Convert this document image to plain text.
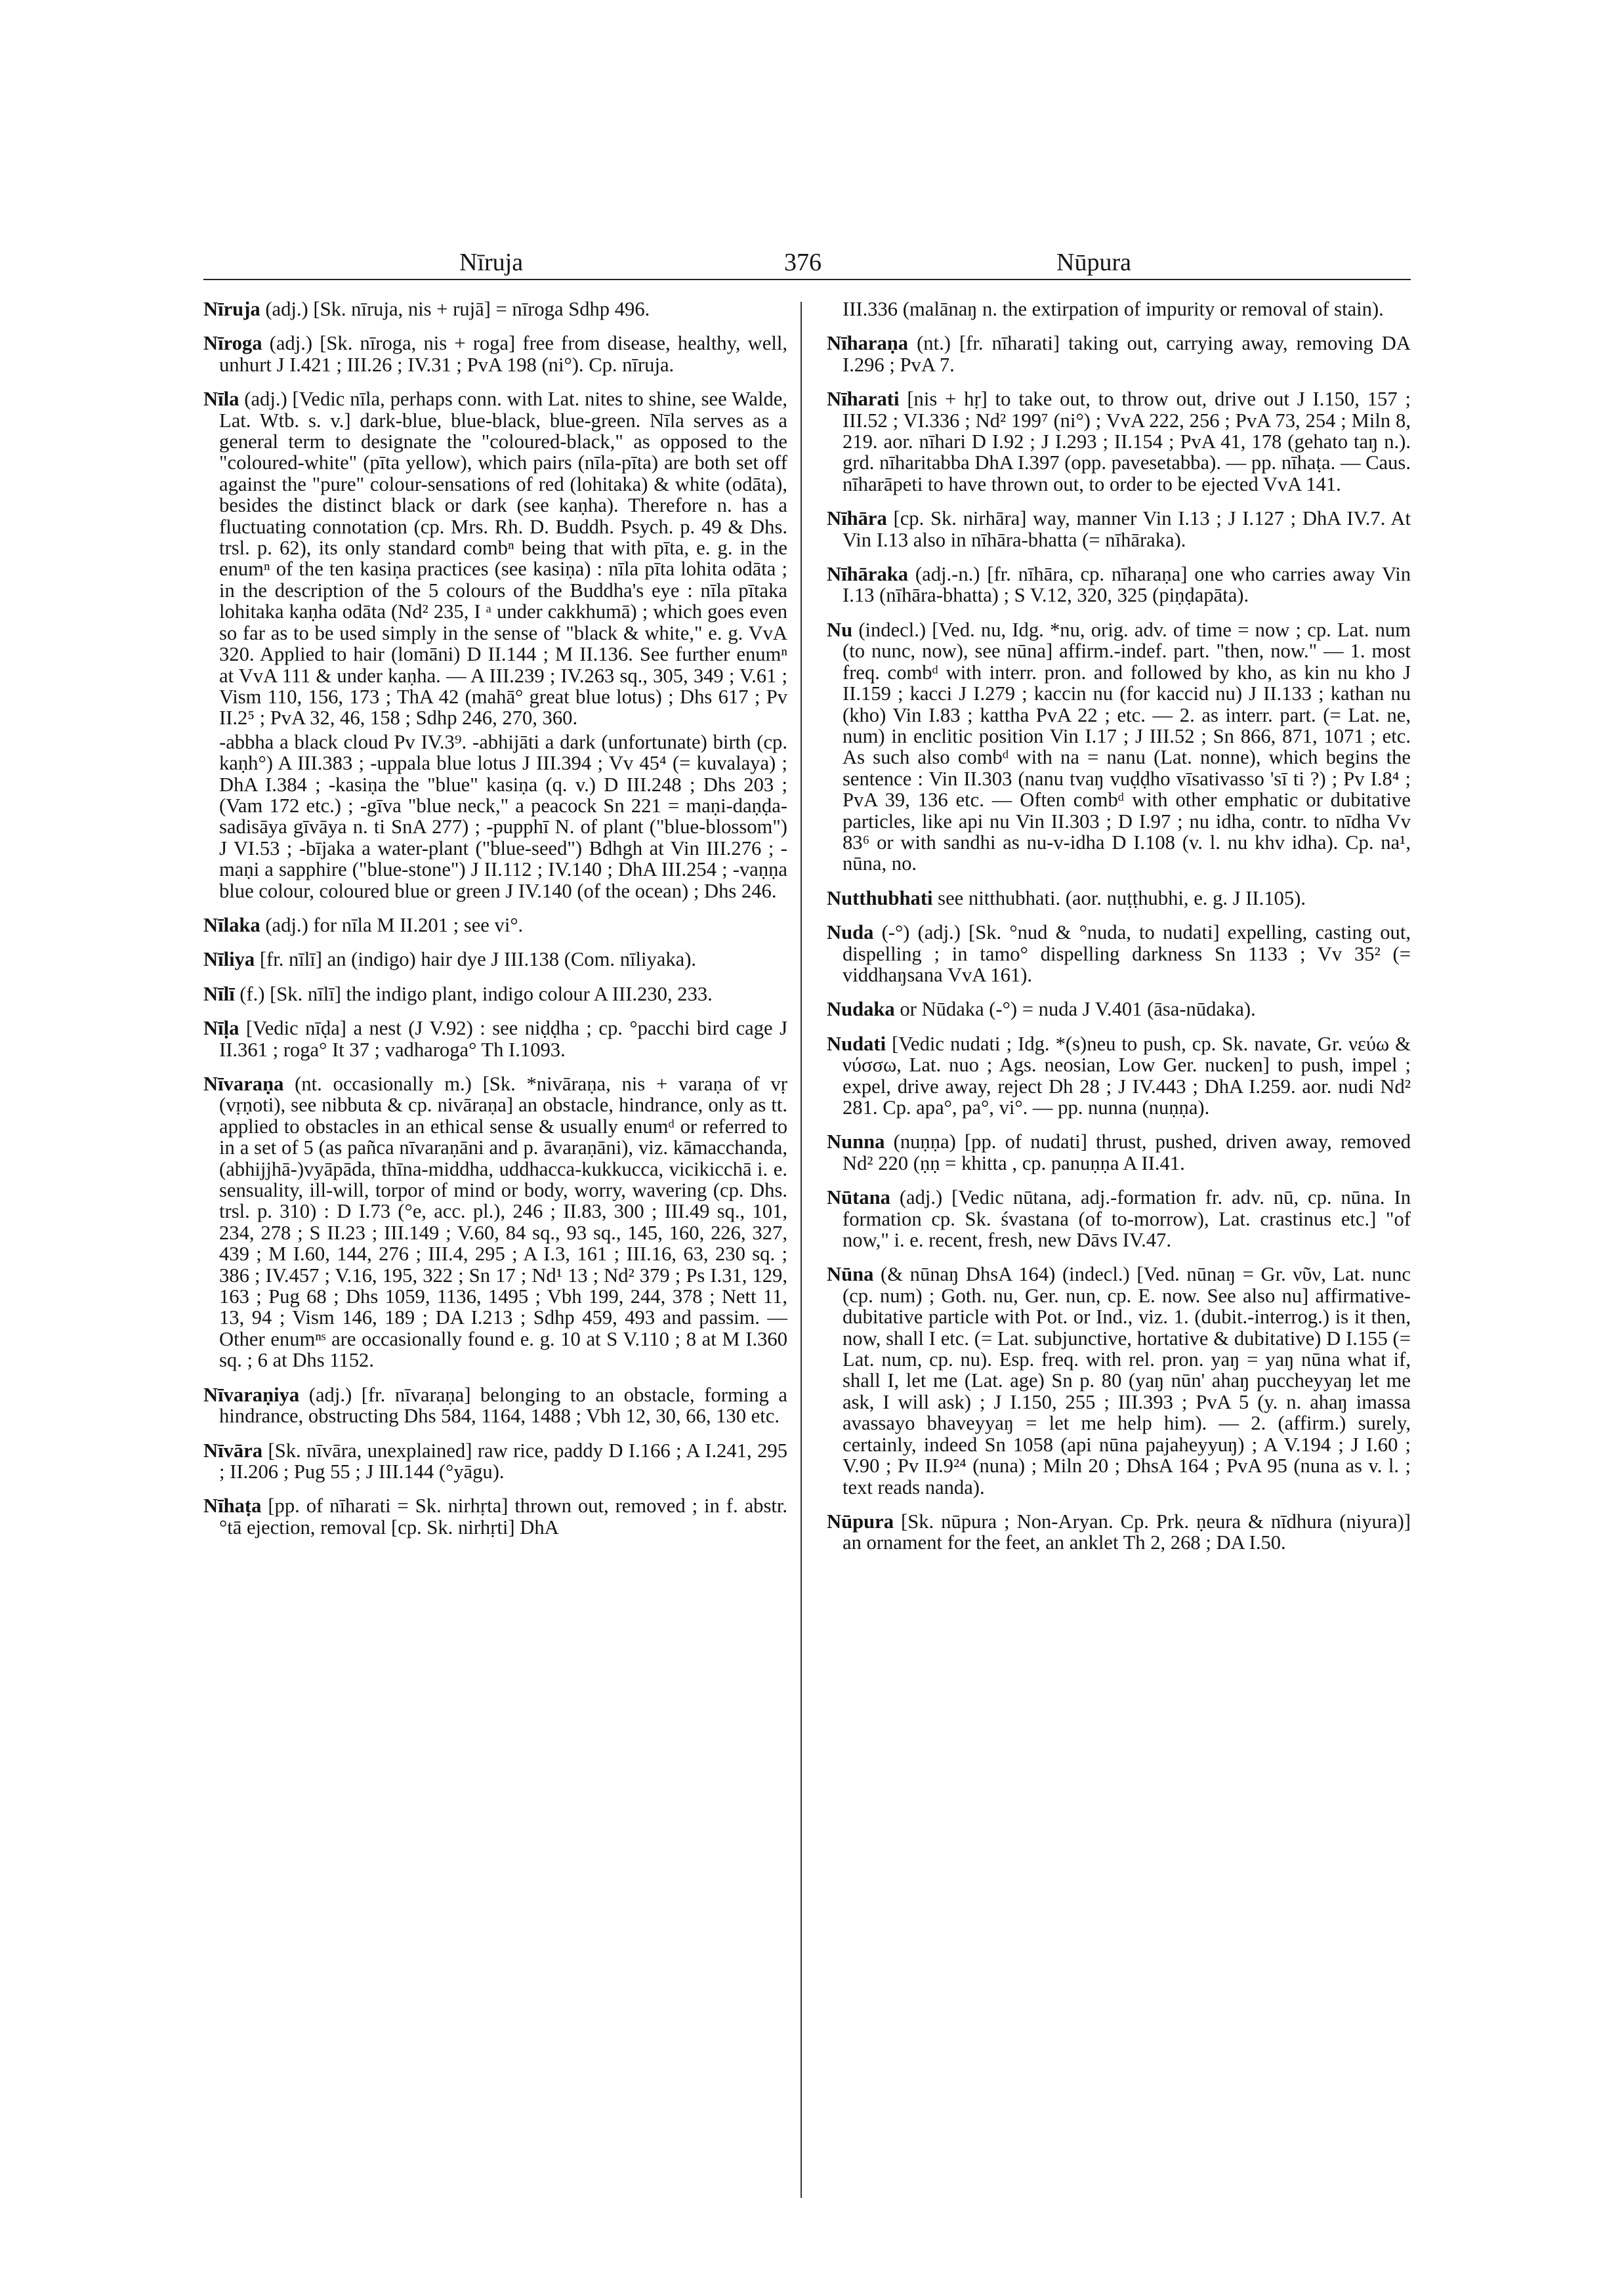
Nīruja	376	Nūpura

Nīruja (adj.) [Sk. nīruja, nis + rujā] = nīroga Sdhp 496.

Nīroga (adj.) [Sk. nīroga, nis + roga] free from disease, healthy, well, unhurt J I.421 ; III.26 ; IV.31 ; PvA 198 (ni°). Cp. nīruja.

Nīla (adj.) [Vedic nīla, perhaps conn. with Lat. nites to shine, see Walde, Lat. Wtb. s. v.] dark-blue, blue-black, blue-green. Nīla serves as a general term to designate the "coloured-black," as opposed to the "coloured-white" (pīta yellow), which pairs (nīla-pīta) are both set off against the "pure" colour-sensations of red (lohitaka) & white (odāta), besides the distinct black or dark (see kaṇha). Therefore n. has a fluctuating connotation (cp. Mrs. Rh. D. Buddh. Psych. p. 49 & Dhs. trsl. p. 62), its only standard combⁿ being that with pīta, e. g. in the enumⁿ of the ten kasiṇa practices (see kasiṇa) : nīla pīta lohita odāta ; in the description of the 5 colours of the Buddha's eye : nīla pītaka lohitaka kaṇha odāta (Nd² 235, I ᵃ under cakkhumā) ; which goes even so far as to be used simply in the sense of "black & white," e. g. VvA 320. Applied to hair (lomāni) D II.144 ; M II.136. See further enumⁿ at VvA 111 & under kaṇha. — A III.239 ; IV.263 sq., 305, 349 ; V.61 ; Vism 110, 156, 173 ; ThA 42 (mahā° great blue lotus) ; Dhs 617 ; Pv II.2⁵ ; PvA 32, 46, 158 ; Sdhp 246, 270, 360.

-abbha a black cloud Pv IV.3⁹. -abhijāti a dark (unfortunate) birth (cp. kaṇh°) A III.383 ; -uppala blue lotus J III.394 ; Vv 45⁴ (= kuvalaya) ; DhA I.384 ; -kasiṇa the "blue" kasiṇa (q. v.) D III.248 ; Dhs 203 ; (Vam 172 etc.) ; -gīva "blue neck," a peacock Sn 221 = maṇi-daṇḍa-sadisāya gīvāya n. ti SnA 277) ; -pupphī N. of plant ("blue-blossom") J VI.53 ; -bījaka a water-plant ("blue-seed") Bdhgh at Vin III.276 ; -maṇi a sapphire ("blue-stone") J II.112 ; IV.140 ; DhA III.254 ; -vaṇṇa blue colour, coloured blue or green J IV.140 (of the ocean) ; Dhs 246.

Nīlaka (adj.) for nīla M II.201 ; see vi°.

Nīliya [fr. nīlī] an (indigo) hair dye J III.138 (Com. nīliyaka).

Nīlī (f.) [Sk. nīlī] the indigo plant, indigo colour A III.230, 233.

Nīḷa [Vedic nīḍa] a nest (J V.92) : see niḍḍha ; cp. °pacchi bird cage J II.361 ; roga° It 37 ; vadharoga° Th I.1093.

Nīvaraṇa (nt. occasionally m.) [Sk. *nivāraṇa, nis + varaṇa of vṛ (vṛṇoti), see nibbuta & cp. nivāraṇa] an obstacle, hindrance, only as tt. applied to obstacles in an ethical sense & usually enumᵈ or referred to in a set of 5 (as pañca nīvaraṇāni and p. āvaraṇāni), viz. kāmacchanda, (abhijjhā-)vyāpāda, thīna-middha, uddhacca-kukkucca, vicikicchā i. e. sensuality, ill-will, torpor of mind or body, worry, wavering (cp. Dhs. trsl. p. 310) : D I.73 (°e, acc. pl.), 246 ; II.83, 300 ; III.49 sq., 101, 234, 278 ; S II.23 ; III.149 ; V.60, 84 sq., 93 sq., 145, 160, 226, 327, 439 ; M I.60, 144, 276 ; III.4, 295 ; A I.3, 161 ; III.16, 63, 230 sq. ; 386 ; IV.457 ; V.16, 195, 322 ; Sn 17 ; Nd¹ 13 ; Nd² 379 ; Ps I.31, 129, 163 ; Pug 68 ; Dhs 1059, 1136, 1495 ; Vbh 199, 244, 378 ; Nett 11, 13, 94 ; Vism 146, 189 ; DA I.213 ; Sdhp 459, 493 and passim. — Other enumⁿˢ are occasionally found e. g. 10 at S V.110 ; 8 at M I.360 sq. ; 6 at Dhs 1152.

Nīvaraṇiya (adj.) [fr. nīvaraṇa] belonging to an obstacle, forming a hindrance, obstructing Dhs 584, 1164, 1488 ; Vbh 12, 30, 66, 130 etc.

Nīvāra [Sk. nīvāra, unexplained] raw rice, paddy D I.166 ; A I.241, 295 ; II.206 ; Pug 55 ; J III.144 (°yāgu).

Nīhaṭa [pp. of nīharati = Sk. nirhṛta] thrown out, removed ; in f. abstr. °tā ejection, removal [cp. Sk. nirhṛti] DhA

III.336 (malānaŋ n. the extirpation of impurity or removal of stain).

Nīharaṇa (nt.) [fr. nīharati] taking out, carrying away, removing DA I.296 ; PvA 7.

Nīharati [nis + hṛ] to take out, to throw out, drive out J I.150, 157 ; III.52 ; VI.336 ; Nd² 199⁷ (ni°) ; VvA 222, 256 ; PvA 73, 254 ; Miln 8, 219. aor. nīhari D I.92 ; J I.293 ; II.154 ; PvA 41, 178 (gehato taŋ n.). grd. nīharitabba DhA I.397 (opp. pavesetabba). — pp. nīhaṭa. — Caus. nīharāpeti to have thrown out, to order to be ejected VvA 141.

Nīhāra [cp. Sk. nirhāra] way, manner Vin I.13 ; J I.127 ; DhA IV.7. At Vin I.13 also in nīhāra-bhatta (= nīhāraka).

Nīhāraka (adj.-n.) [fr. nīhāra, cp. nīharaṇa] one who carries away Vin I.13 (nīhāra-bhatta) ; S V.12, 320, 325 (piṇḍapāta).

Nu (indecl.) [Ved. nu, Idg. *nu, orig. adv. of time = now ; cp. Lat. num (to nunc, now), see nūna] affirm.-indef. part. "then, now." — 1. most freq. combᵈ with interr. pron. and followed by kho, as kin nu kho J II.159 ; kacci J I.279 ; kaccin nu (for kaccid nu) J II.133 ; kathan nu (kho) Vin I.83 ; kattha PvA 22 ; etc. — 2. as interr. part. (= Lat. ne, num) in enclitic position Vin I.17 ; J III.52 ; Sn 866, 871, 1071 ; etc. As such also combᵈ with na = nanu (Lat. nonne), which begins the sentence : Vin II.303 (nanu tvaŋ vuḍḍho vīsativasso 'sī ti ?) ; Pv I.8⁴ ; PvA 39, 136 etc. — Often combᵈ with other emphatic or dubitative particles, like api nu Vin II.303 ; D I.97 ; nu idha, contr. to nīdha Vv 83⁶ or with sandhi as nu-v-idha D I.108 (v. l. nu khv idha). Cp. na¹, nūna, no.

Nutthubhati see nitthubhati. (aor. nuṭṭhubhi, e. g. J II.105).

Nuda (-°) (adj.) [Sk. °nud & °nuda, to nudati] expelling, casting out, dispelling ; in tamo° dispelling darkness Sn 1133 ; Vv 35² (= viddhaŋsana VvA 161).

Nudaka or Nūdaka (-°) = nuda J V.401 (āsa-nūdaka).

Nudati [Vedic nudati ; Idg. *(s)neu to push, cp. Sk. navate, Gr. νεύω & νύσσω, Lat. nuo ; Ags. neosian, Low Ger. nucken] to push, impel ; expel, drive away, reject Dh 28 ; J IV.443 ; DhA I.259. aor. nudi Nd² 281. Cp. apa°, pa°, vi°. — pp. nunna (nuṇṇa).

Nunna (nuṇṇa) [pp. of nudati] thrust, pushed, driven away, removed Nd² 220 (ṇṇ = khitta , cp. panuṇṇa A II.41.

Nūtana (adj.) [Vedic nūtana, adj.-formation fr. adv. nū, cp. nūna. In formation cp. Sk. śvastana (of to-morrow), Lat. crastinus etc.] "of now," i. e. recent, fresh, new Dāvs IV.47.

Nūna (& nūnaŋ DhsA 164) (indecl.) [Ved. nūnaŋ = Gr. νῦν, Lat. nunc (cp. num) ; Goth. nu, Ger. nun, cp. E. now. See also nu] affirmative-dubitative particle with Pot. or Ind., viz. 1. (dubit.-interrog.) is it then, now, shall I etc. (= Lat. subjunctive, hortative & dubitative) D I.155 (= Lat. num, cp. nu). Esp. freq. with rel. pron. yaŋ = yaŋ nūna what if, shall I, let me (Lat. age) Sn p. 80 (yaŋ nūn' ahaŋ puccheyyaŋ let me ask, I will ask) ; J I.150, 255 ; III.393 ; PvA 5 (y. n. ahaŋ imassa avassayo bhaveyyaŋ = let me help him). — 2. (affirm.) surely, certainly, indeed Sn 1058 (api nūna pajaheyyuŋ) ; A V.194 ; J I.60 ; V.90 ; Pv II.9²⁴ (nuna) ; Miln 20 ; DhsA 164 ; PvA 95 (nuna as v. l. ; text reads nanda).

Nūpura [Sk. nūpura ; Non-Aryan. Cp. Prk. ṇeura & nīdhura (niyura)] an ornament for the feet, an anklet Th 2, 268 ; DA I.50.
